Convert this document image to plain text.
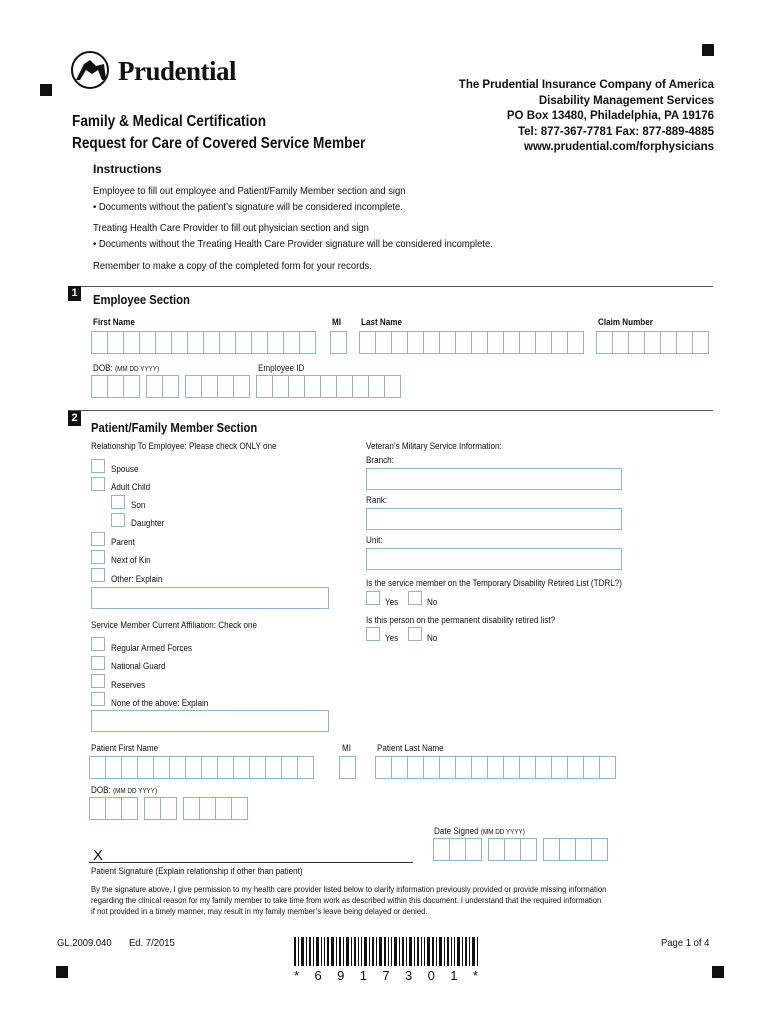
Prudential	The Prudential Insurance Company of America
Disability Management Services
PO Box 13480, Philadelphia, PA 19176
Tel: 877-367-7781 Fax: 877-889-4885
www.prudential.com/forphysicians
Family & Medical Certification
Request for Care of Covered Service Member
Instructions
Employee to fill out employee and Patient/Family Member section and sign
• Documents without the patient’s signature will be considered incomplete.
Treating Health Care Provider to fill out physician section and sign
• Documents without the Treating Health Care Provider signature will be considered incomplete.
Remember to make a copy of the completed form for your records.
1 Employee Section
First Name	MI Last Name	Claim Number
DOB: (MM DD YYYY)	Employee ID
2
Patient/Family Member Section
Relationship To Employee: Please check ONLY one
Spouse
Adult Child
Son
Daughter
Parent
Next of Kin
Other: Explain
Veteran’s Military Service Information:
Branch:
Rank:
Unit:
Is the service member on the Temporary Disability Retired List (TDRL?)
Yes	No
Is this person on the permanent disability retired list?
Yes	No
Service Member Current Affiliation: Check one
Regular Armed Forces
National Guard
Reserves
None of the above: Explain
Patient First Name	MI	Patient Last Name
DOB: (MM DD YYYY)
Date Signed (MM DD YYYY)
X
Patient Signature (Explain relationship if other than patient)
By the signature above, I give permission to my health care provider listed below to clarify information previously provided or provide missing information
regarding the clinical reason for my family member to take time from work as described within this document. I understand that the required information
if not provided in a timely manner, may result in my family member’s leave being delayed or denied.
GL.2009.040 Ed. 7/2015	Page 1 of 4
* 6 9 1 7 3 0 1 *
